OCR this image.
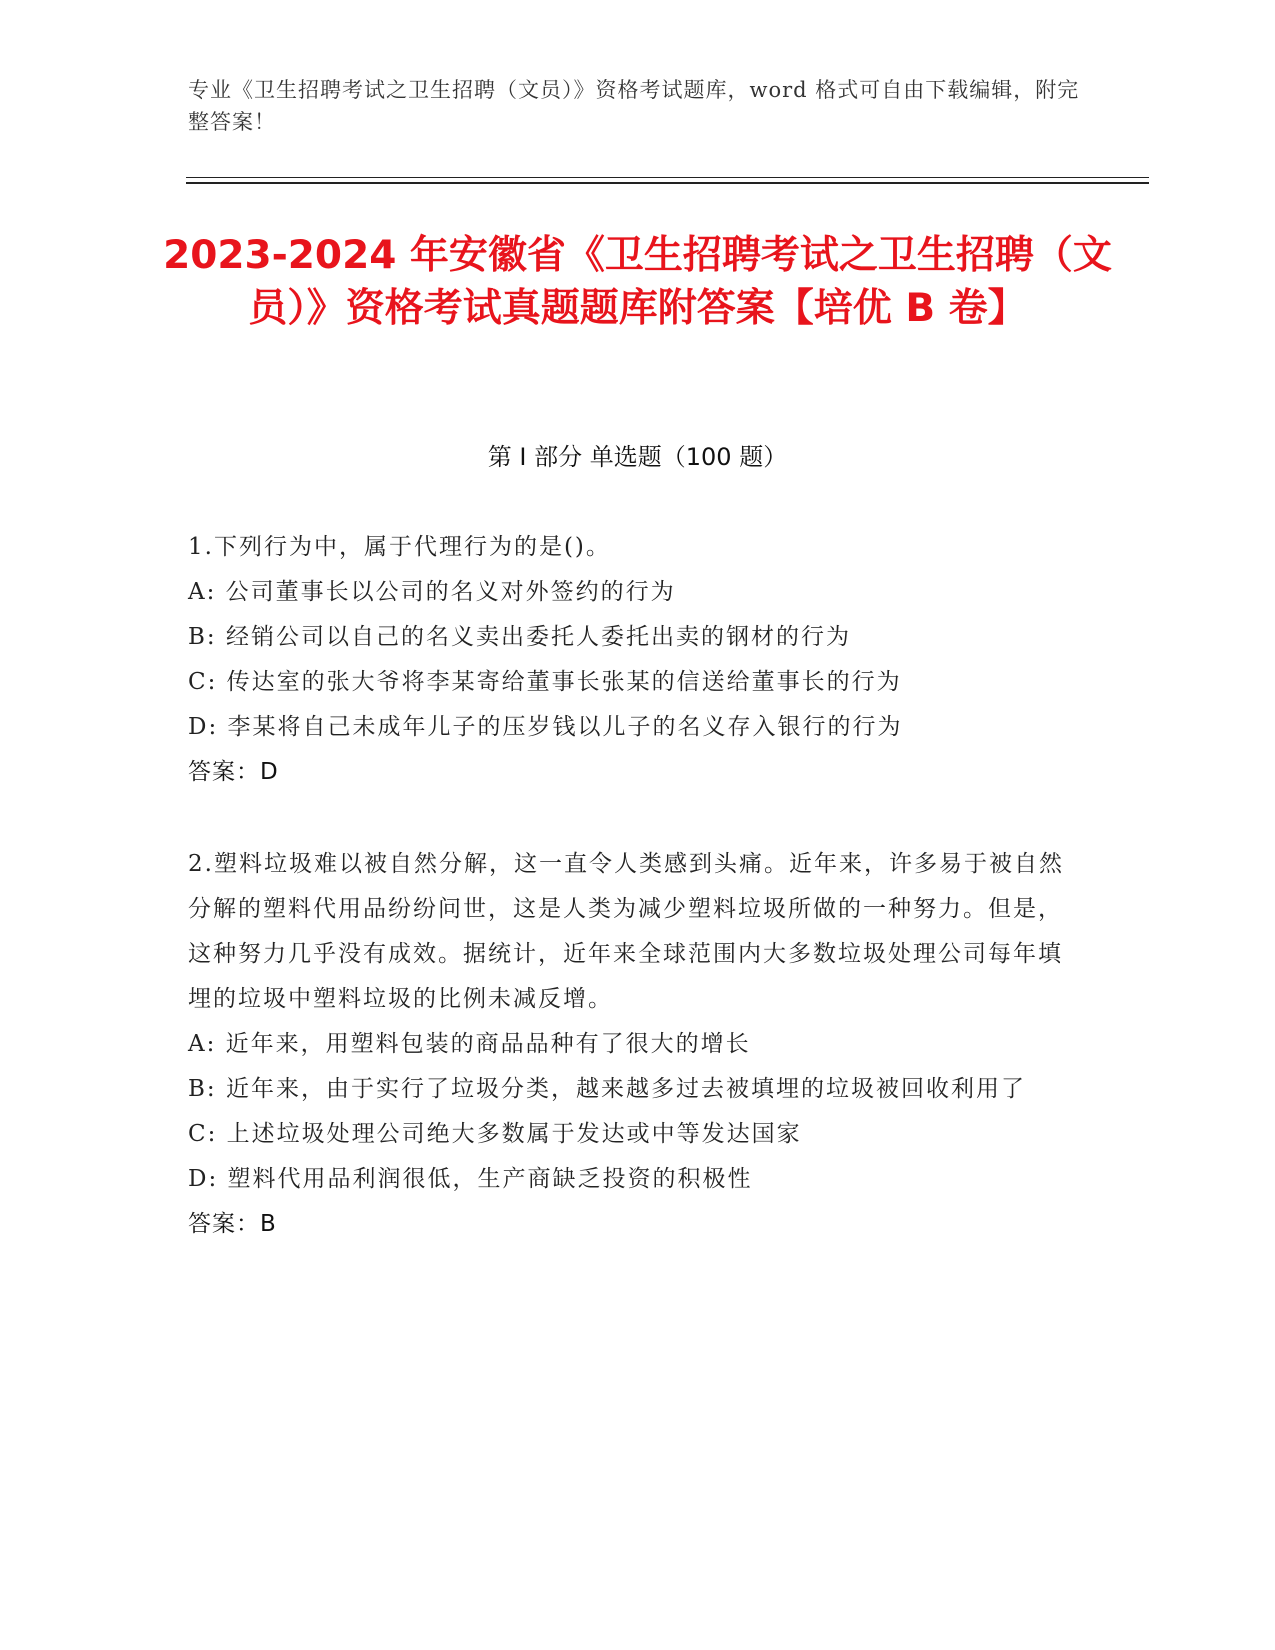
专业《卫生招聘考试之卫生招聘（文员）》资格考试题库，word 格式可自由下载编辑，附完整答案！
2023-2024 年安徽省《卫生招聘考试之卫生招聘（文员）》资格考试真题题库附答案【培优 B 卷】
第 I 部分 单选题（100 题）
1.下列行为中，属于代理行为的是()。
A: 公司董事长以公司的名义对外签约的行为
B: 经销公司以自己的名义卖出委托人委托出卖的钢材的行为
C: 传达室的张大爷将李某寄给董事长张某的信送给董事长的行为
D: 李某将自己未成年儿子的压岁钱以儿子的名义存入银行的行为
答案：D
2.塑料垃圾难以被自然分解，这一直令人类感到头痛。近年来，许多易于被自然分解的塑料代用品纷纷问世，这是人类为减少塑料垃圾所做的一种努力。但是，这种努力几乎没有成效。据统计，近年来全球范围内大多数垃圾处理公司每年填埋的垃圾中塑料垃圾的比例未减反增。
A: 近年来，用塑料包装的商品品种有了很大的增长
B: 近年来，由于实行了垃圾分类，越来越多过去被填埋的垃圾被回收利用了
C: 上述垃圾处理公司绝大多数属于发达或中等发达国家
D: 塑料代用品利润很低，生产商缺乏投资的积极性
答案：B
